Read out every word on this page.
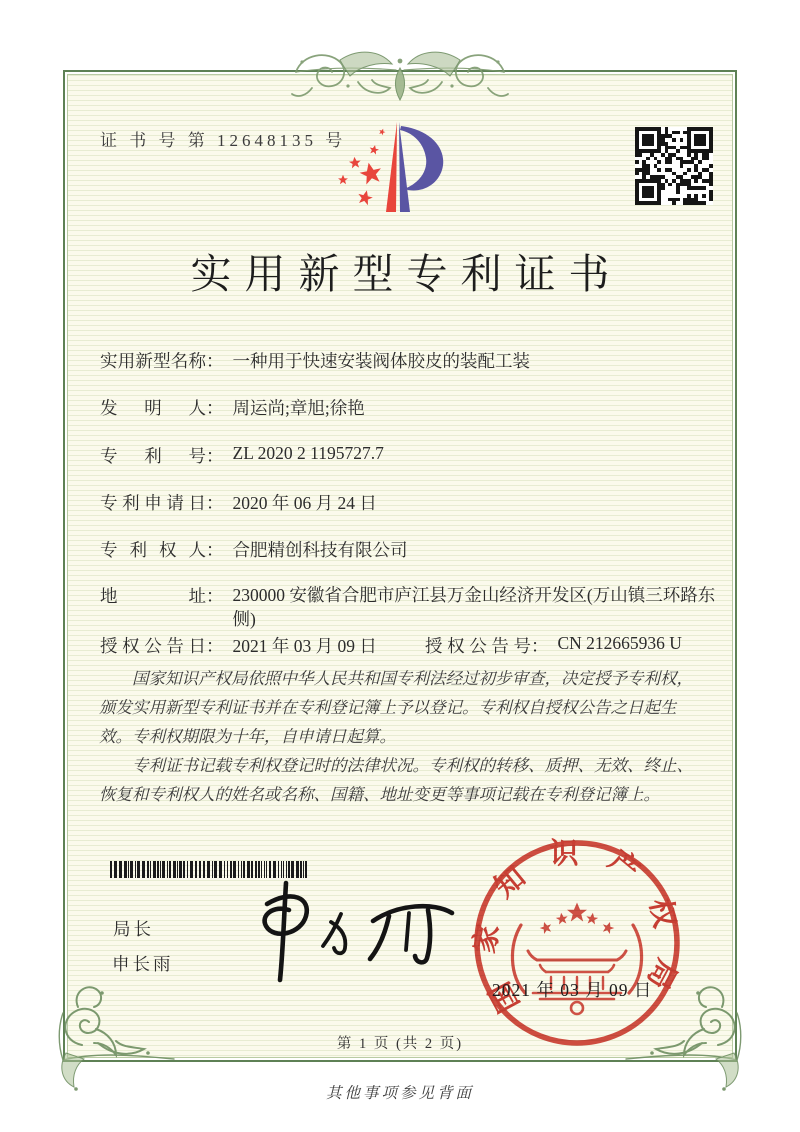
证 书 号 第 12648135 号
实用新型专利证书
实用新型名称 ： 一种用于快速安装阀体胶皮的装配工装
发明人 ： 周运尚;章旭;徐艳
专利号 ： ZL 2020 2 1195727.7
专利申请日 ： 2020 年 06 月 24 日
专利权人 ： 合肥精创科技有限公司
地址 ： 230000 安徽省合肥市庐江县万金山经济开发区(万山镇三环路东侧)
授权公告日 ： 2021 年 03 月 09 日	授权公告号 ： CN 212665936 U

国家知识产权局依照中华人民共和国专利法经过初步审查，决定授予专利权，颁发实用新型专利证书并在专利登记簿上予以登记。专利权自授权公告之日起生效。专利权期限为十年，自申请日起算。

专利证书记载专利权登记时的法律状况。专利权的转移、质押、无效、终止、恢复和专利权人的姓名或名称、国籍、地址变更等事项记载在专利登记簿上。

局长
申长雨	国家知识产权局
2021 年 03 月 09 日
第 1 页 (共 2 页)
其他事项参见背面
